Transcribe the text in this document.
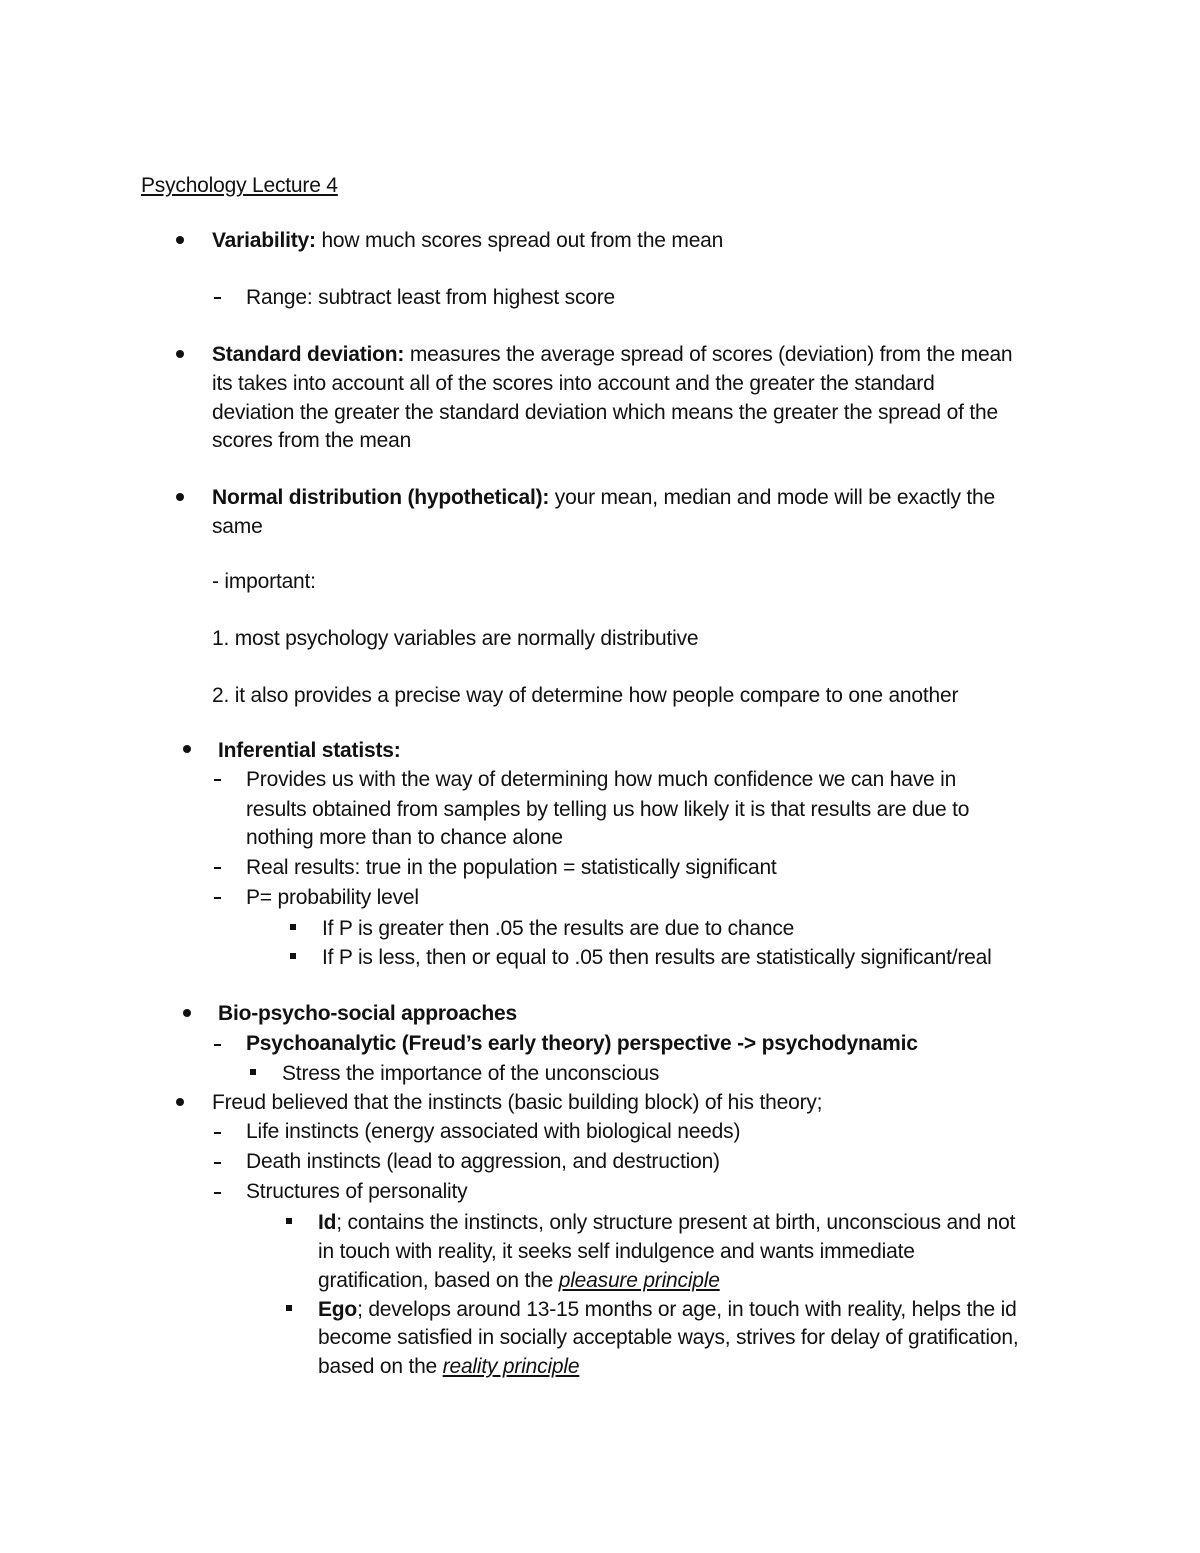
Psychology Lecture 4
Variability: how much scores spread out from the mean
Range: subtract least from highest score
Standard deviation: measures the average spread of scores (deviation) from the mean
its takes into account all of the scores into account and the greater the standard
deviation the greater the standard deviation which means the greater the spread of the
scores from the mean
Normal distribution (hypothetical): your mean, median and mode will be exactly the
same
- important:
1. most psychology variables are normally distributive
2. it also provides a precise way of determine how people compare to one another
Inferential statists:
Provides us with the way of determining how much confidence we can have in
results obtained from samples by telling us how likely it is that results are due to
nothing more than to chance alone
Real results: true in the population = statistically significant
P= probability level
If P is greater then .05 the results are due to chance
If P is less, then or equal to .05 then results are statistically significant/real
Bio-psycho-social approaches
Psychoanalytic (Freud’s early theory) perspective -> psychodynamic
Stress the importance of the unconscious
Freud believed that the instincts (basic building block) of his theory;
Life instincts (energy associated with biological needs)
Death instincts (lead to aggression, and destruction)
Structures of personality
Id; contains the instincts, only structure present at birth, unconscious and not
in touch with reality, it seeks self indulgence and wants immediate
gratification, based on the pleasure principle
Ego; develops around 13-15 months or age, in touch with reality, helps the id
become satisfied in socially acceptable ways, strives for delay of gratification,
based on the reality principle
